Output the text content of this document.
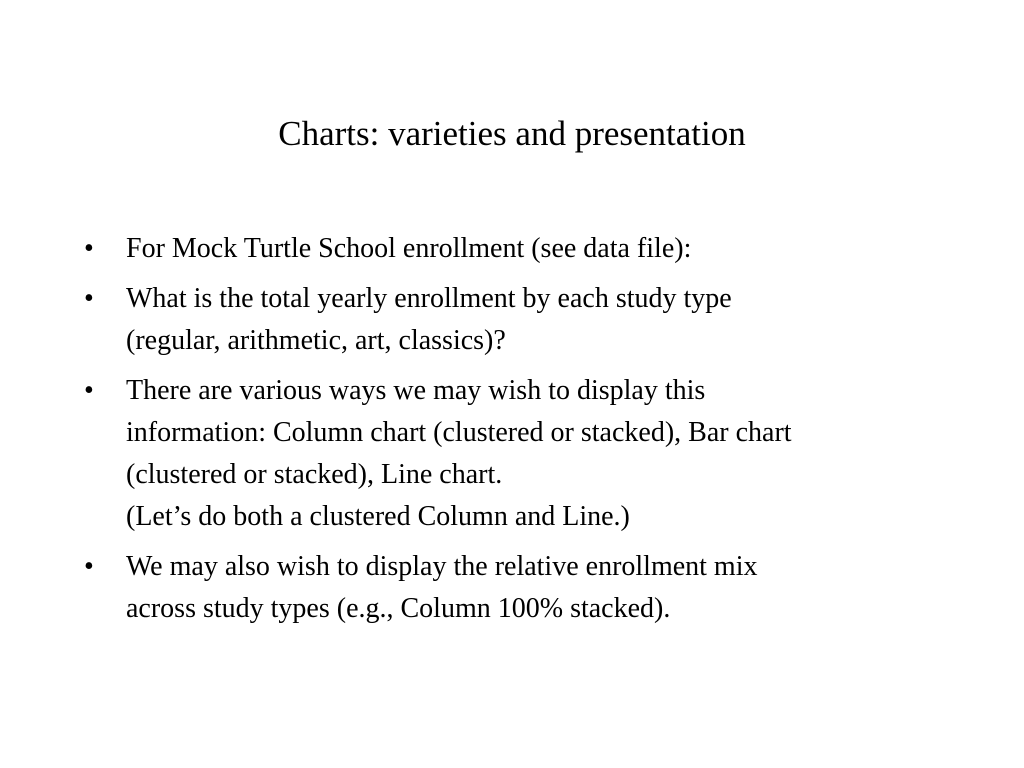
Charts: varieties and presentation
•	For Mock Turtle School enrollment (see data file):
•	What is the total yearly enrollment by each study type
(regular, arithmetic, art, classics)?
•	There are various ways we may wish to display this
information: Column chart (clustered or stacked), Bar chart
(clustered or stacked), Line chart.
(Let’s do both a clustered Column and Line.)
•	We may also wish to display the relative enrollment mix
across study types (e.g., Column 100% stacked).
